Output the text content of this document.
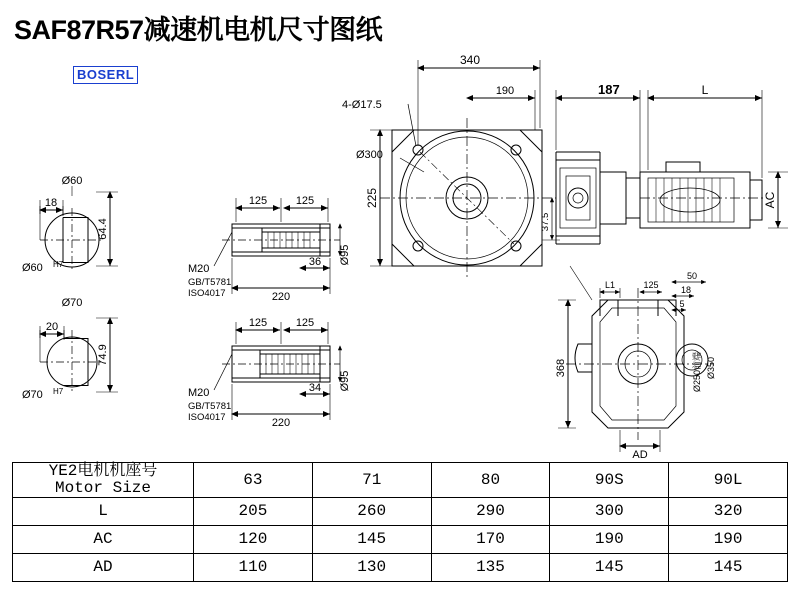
SAF87R57减速机电机尺寸图纸
BOSERL
Ø60
18
64.4
Ø60 H7
Ø70
20
74.9
Ø70 H7
125	125
36
220
Ø95
M20
GB/T5781
ISO4017
125	125
34
220
Ø95
M20
GB/T5781
ISO4017
340
190
4-Ø17.5
Ø300
225
37.5
187	L
AC
L1	125
50
18
5
368	Ø250前端 Ø350
AD
YE2电机机座号
Motor Size	63	71	80	90S	90L
L	205	260	290	300	320
AC	120	145	170	190	190
AD	110	130	135	145	145
